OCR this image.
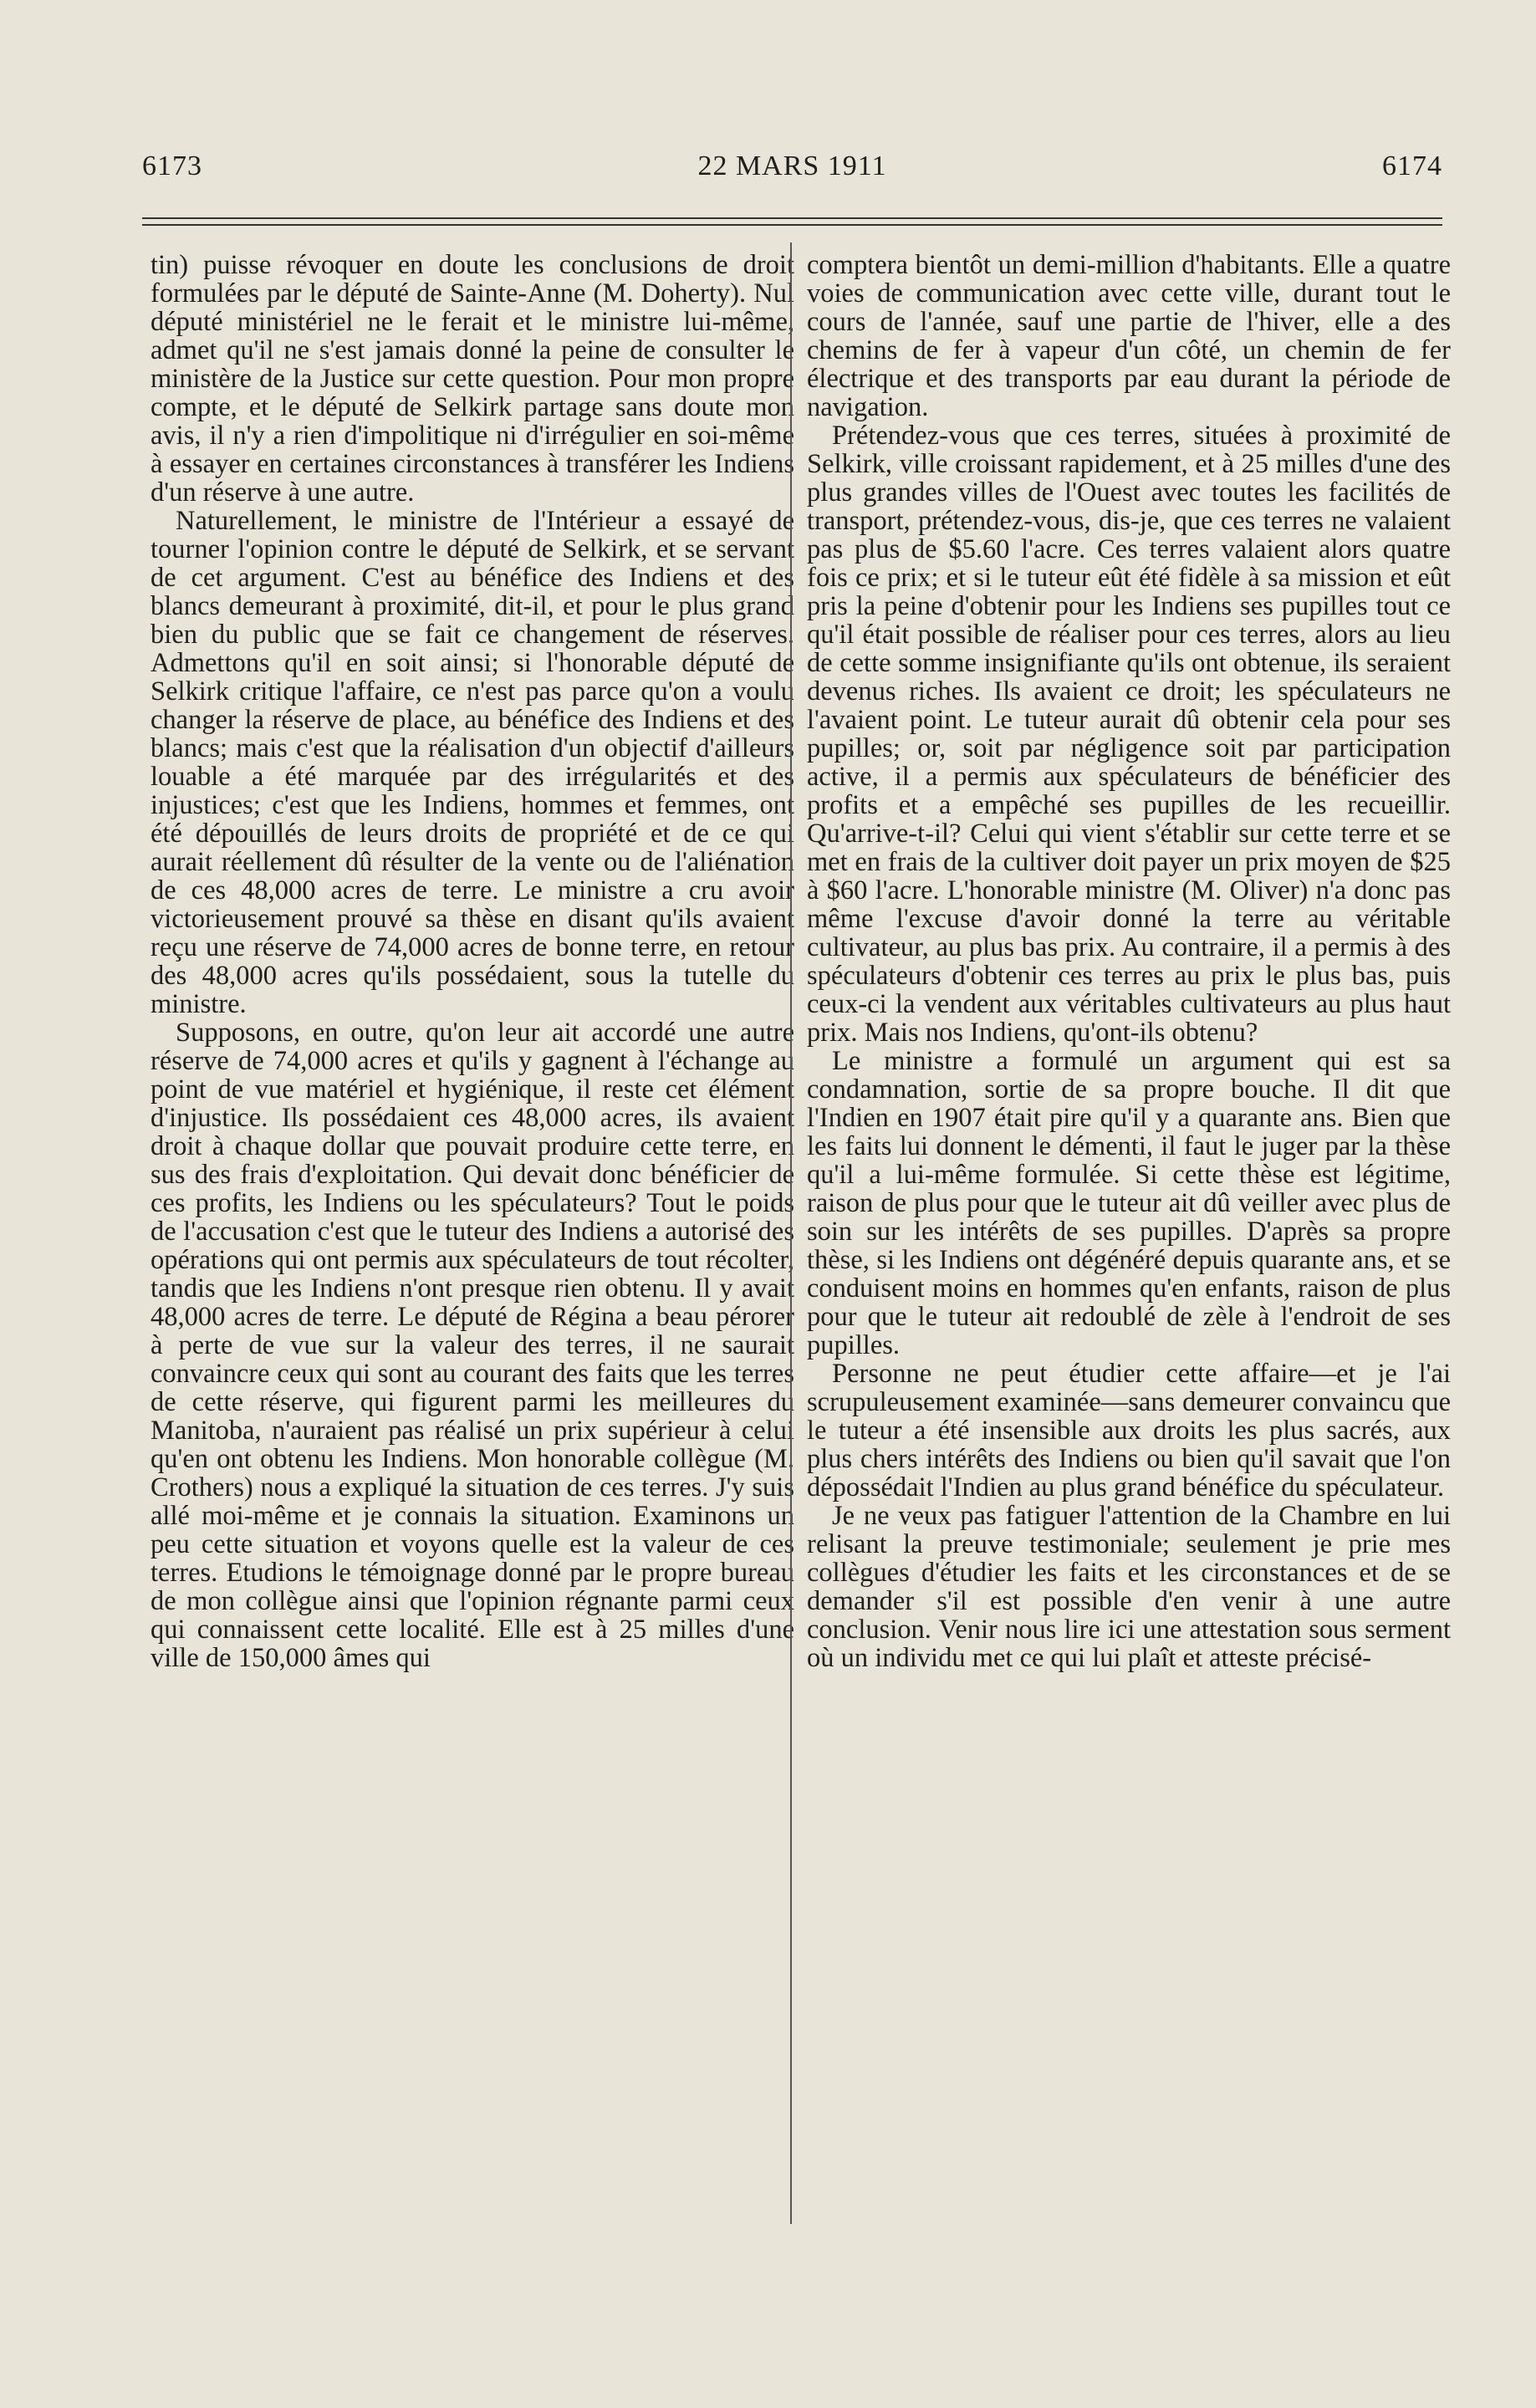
6173	22 MARS 1911	6174

tin) puisse révoquer en doute les conclusions de droit formulées par le député de Sainte-Anne (M. Doherty). Nul député ministériel ne le ferait et le ministre lui-même, admet qu'il ne s'est jamais donné la peine de consulter le ministère de la Justice sur cette question. Pour mon propre compte, et le député de Selkirk partage sans doute mon avis, il n'y a rien d'impolitique ni d'irrégulier en soi-même à essayer en certaines circonstances à transférer les Indiens d'un réserve à une autre.

Naturellement, le ministre de l'Intérieur a essayé de tourner l'opinion contre le député de Selkirk, et se servant de cet argument. C'est au bénéfice des Indiens et des blancs demeurant à proximité, dit-il, et pour le plus grand bien du public que se fait ce changement de réserves. Admettons qu'il en soit ainsi; si l'honorable député de Selkirk critique l'affaire, ce n'est pas parce qu'on a voulu changer la réserve de place, au bénéfice des Indiens et des blancs; mais c'est que la réalisation d'un objectif d'ailleurs louable a été marquée par des irrégularités et des injustices; c'est que les Indiens, hommes et femmes, ont été dépouillés de leurs droits de propriété et de ce qui aurait réellement dû résulter de la vente ou de l'aliénation de ces 48,000 acres de terre. Le ministre a cru avoir victorieusement prouvé sa thèse en disant qu'ils avaient reçu une réserve de 74,000 acres de bonne terre, en retour des 48,000 acres qu'ils possédaient, sous la tutelle du ministre.

Supposons, en outre, qu'on leur ait accordé une autre réserve de 74,000 acres et qu'ils y gagnent à l'échange au point de vue matériel et hygiénique, il reste cet élément d'injustice. Ils possédaient ces 48,000 acres, ils avaient droit à chaque dollar que pouvait produire cette terre, en sus des frais d'exploitation. Qui devait donc bénéficier de ces profits, les Indiens ou les spéculateurs? Tout le poids de l'accusation c'est que le tuteur des Indiens a autorisé des opérations qui ont permis aux spéculateurs de tout récolter, tandis que les Indiens n'ont presque rien obtenu. Il y avait 48,000 acres de terre. Le député de Régina a beau pérorer à perte de vue sur la valeur des terres, il ne saurait convaincre ceux qui sont au courant des faits que les terres de cette réserve, qui figurent parmi les meilleures du Manitoba, n'auraient pas réalisé un prix supérieur à celui qu'en ont obtenu les Indiens. Mon honorable collègue (M. Crothers) nous a expliqué la situation de ces terres. J'y suis allé moi-même et je connais la situation. Examinons un peu cette situation et voyons quelle est la valeur de ces terres. Etudions le témoignage donné par le propre bureau de mon collègue ainsi que l'opinion régnante parmi ceux qui connaissent cette localité. Elle est à 25 milles d'une ville de 150,000 âmes qui

comptera bientôt un demi-million d'habitants. Elle a quatre voies de communication avec cette ville, durant tout le cours de l'année, sauf une partie de l'hiver, elle a des chemins de fer à vapeur d'un côté, un chemin de fer électrique et des transports par eau durant la période de navigation.

Prétendez-vous que ces terres, situées à proximité de Selkirk, ville croissant rapidement, et à 25 milles d'une des plus grandes villes de l'Ouest avec toutes les facilités de transport, prétendez-vous, dis-je, que ces terres ne valaient pas plus de $5.60 l'acre. Ces terres valaient alors quatre fois ce prix; et si le tuteur eût été fidèle à sa mission et eût pris la peine d'obtenir pour les Indiens ses pupilles tout ce qu'il était possible de réaliser pour ces terres, alors au lieu de cette somme insignifiante qu'ils ont obtenue, ils seraient devenus riches. Ils avaient ce droit; les spéculateurs ne l'avaient point. Le tuteur aurait dû obtenir cela pour ses pupilles; or, soit par négligence soit par participation active, il a permis aux spéculateurs de bénéficier des profits et a empêché ses pupilles de les recueillir. Qu'arrive-t-il? Celui qui vient s'établir sur cette terre et se met en frais de la cultiver doit payer un prix moyen de $25 à $60 l'acre. L'honorable ministre (M. Oliver) n'a donc pas même l'excuse d'avoir donné la terre au véritable cultivateur, au plus bas prix. Au contraire, il a permis à des spéculateurs d'obtenir ces terres au prix le plus bas, puis ceux-ci la vendent aux véritables cultivateurs au plus haut prix. Mais nos Indiens, qu'ont-ils obtenu?

Le ministre a formulé un argument qui est sa condamnation, sortie de sa propre bouche. Il dit que l'Indien en 1907 était pire qu'il y a quarante ans. Bien que les faits lui donnent le démenti, il faut le juger par la thèse qu'il a lui-même formulée. Si cette thèse est légitime, raison de plus pour que le tuteur ait dû veiller avec plus de soin sur les intérêts de ses pupilles. D'après sa propre thèse, si les Indiens ont dégénéré depuis quarante ans, et se conduisent moins en hommes qu'en enfants, raison de plus pour que le tuteur ait redoublé de zèle à l'endroit de ses pupilles.

Personne ne peut étudier cette affaire—et je l'ai scrupuleusement examinée—sans demeurer convaincu que le tuteur a été insensible aux droits les plus sacrés, aux plus chers intérêts des Indiens ou bien qu'il savait que l'on dépossédait l'Indien au plus grand bénéfice du spéculateur.

Je ne veux pas fatiguer l'attention de la Chambre en lui relisant la preuve testimoniale; seulement je prie mes collègues d'étudier les faits et les circonstances et de se demander s'il est possible d'en venir à une autre conclusion. Venir nous lire ici une attestation sous serment où un individu met ce qui lui plaît et atteste précisé-
